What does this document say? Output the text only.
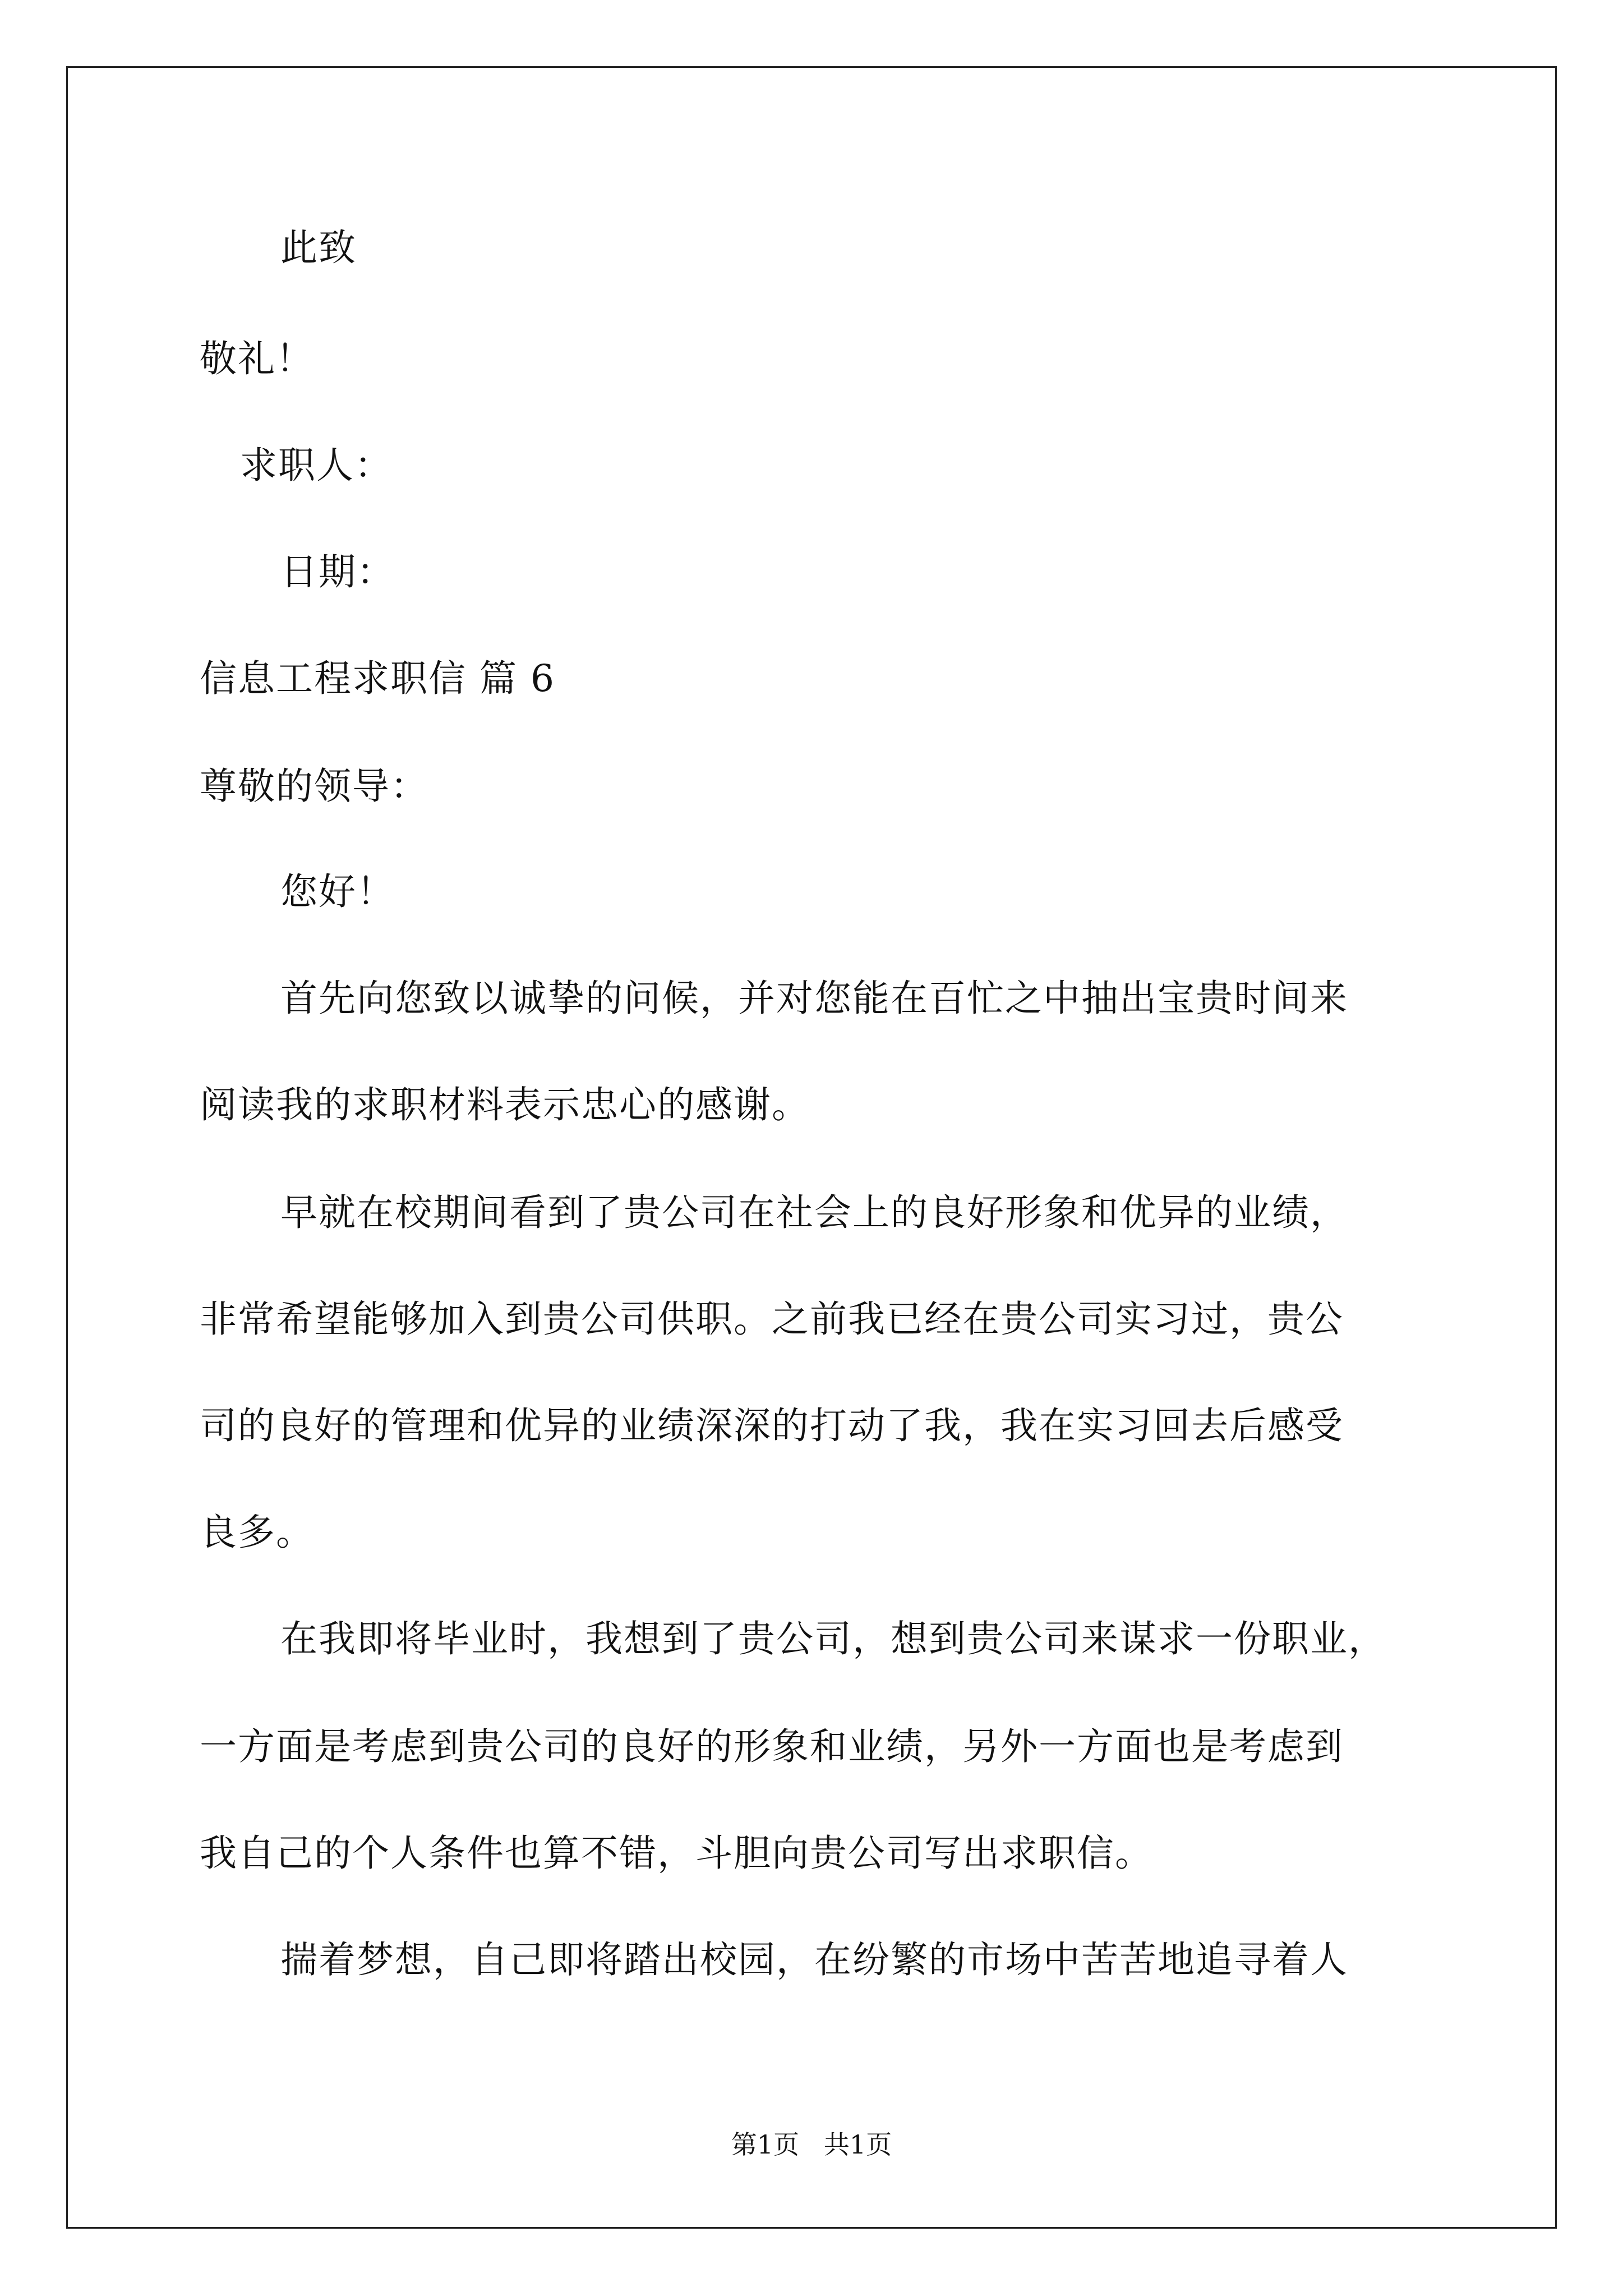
此致
敬礼！
求职人：
日期：
信息工程求职信 篇 6
尊敬的领导：
您好！
首先向您致以诚挚的问候，并对您能在百忙之中抽出宝贵时间来
阅读我的求职材料表示忠心的感谢。
早就在校期间看到了贵公司在社会上的良好形象和优异的业绩，
非常希望能够加入到贵公司供职。之前我已经在贵公司实习过，贵公
司的良好的管理和优异的业绩深深的打动了我，我在实习回去后感受
良多。
在我即将毕业时，我想到了贵公司，想到贵公司来谋求一份职业，
一方面是考虑到贵公司的良好的形象和业绩，另外一方面也是考虑到
我自己的个人条件也算不错，斗胆向贵公司写出求职信。
揣着梦想，自己即将踏出校园，在纷繁的市场中苦苦地追寻着人
第1页   共1页
